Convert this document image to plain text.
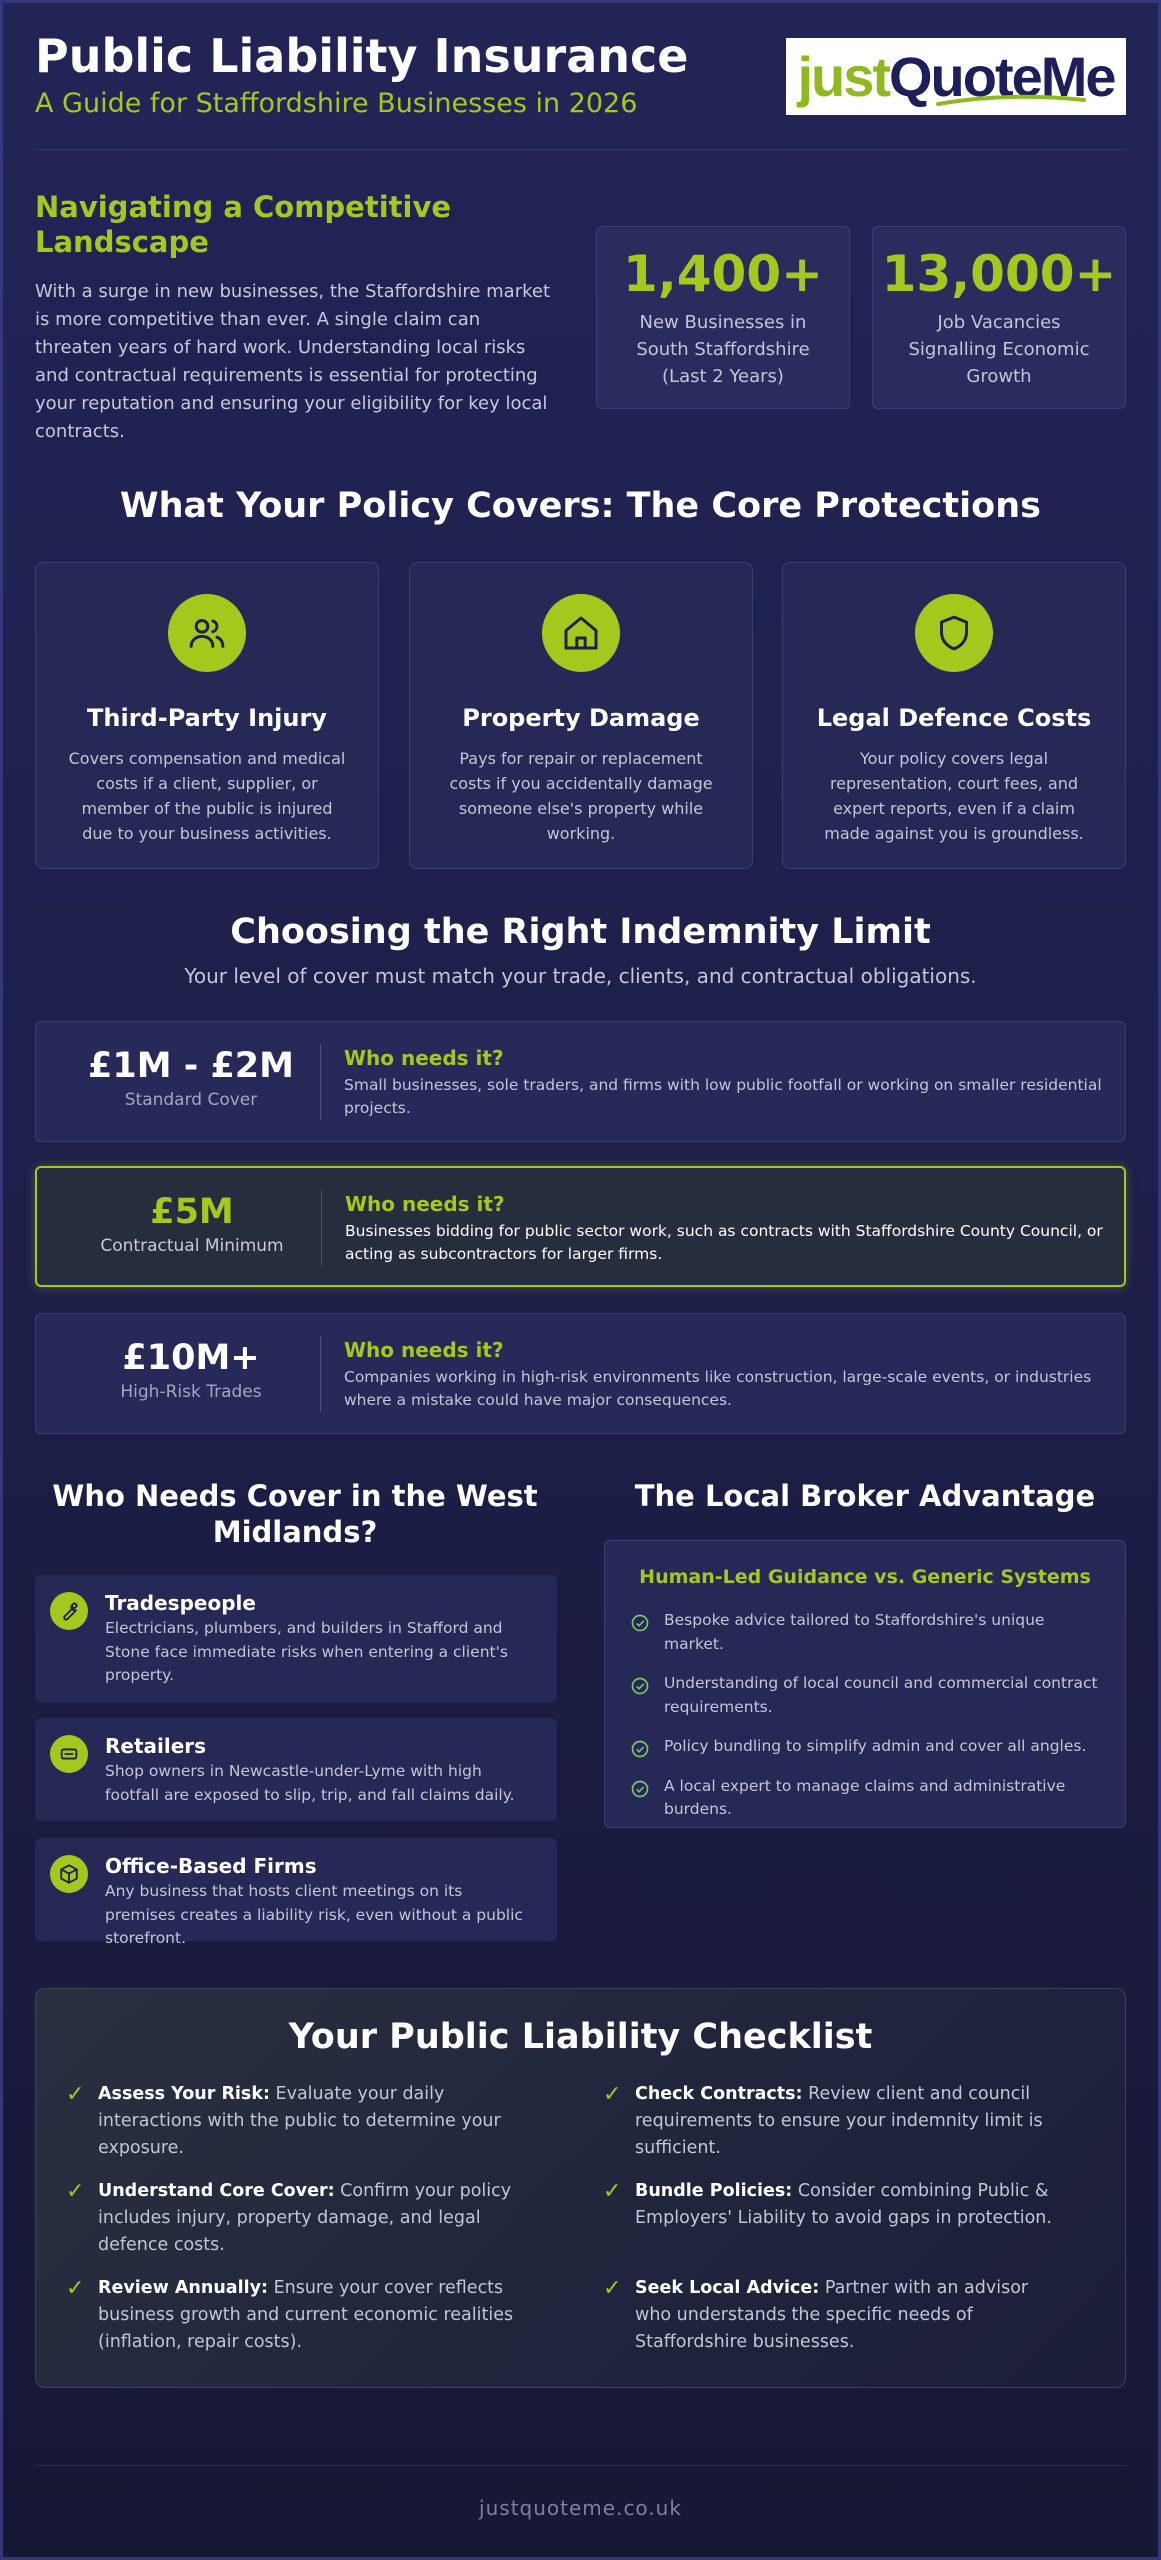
Public Liability Insurance
A Guide for Staffordshire Businesses in 2026	just QuoteMe
Navigating a Competitive Landscape

With a surge in new businesses, the Staffordshire market is more competitive than ever. A single claim can threaten years of hard work. Understanding local risks and contractual requirements is essential for protecting your reputation and ensuring your eligibility for key local contracts.

1,400+
New Businesses in South Staffordshire (Last 2 Years)
13,000+
Job Vacancies Signalling Economic Growth
What Your Policy Covers: The Core Protections
Third-Party Injury

Covers compensation and medical costs if a client, supplier, or member of the public is injured due to your business activities.

Property Damage

Pays for repair or replacement costs if you accidentally damage someone else's property while working.

Legal Defence Costs

Your policy covers legal representation, court fees, and expert reports, even if a claim made against you is groundless.

Choosing the Right Indemnity Limit
Your level of cover must match your trade, clients, and contractual obligations.
£1M - £2M
Standard Cover
Who needs it?
Small businesses, sole traders, and firms with low public footfall or working on smaller residential projects.
£5M
Contractual Minimum
Who needs it?
Businesses bidding for public sector work, such as contracts with Staffordshire County Council, or acting as subcontractors for larger firms.
£10M+
High-Risk Trades
Who needs it?
Companies working in high-risk environments like construction, large-scale events, or industries where a mistake could have major consequences.
Who Needs Cover in the West Midlands?
Tradespeople

Electricians, plumbers, and builders in Stafford and Stone face immediate risks when entering a client's property.

Retailers

Shop owners in Newcastle-under-Lyme with high footfall are exposed to slip, trip, and fall claims daily.

Office-Based Firms

Any business that hosts client meetings on its premises creates a liability risk, even without a public storefront.

The Local Broker Advantage
Human-Led Guidance vs. Generic Systems
Bespoke advice tailored to Staffordshire's unique market.
Understanding of local council and commercial contract requirements.
Policy bundling to simplify admin and cover all angles.
A local expert to manage claims and administrative burdens.
Your Public Liability Checklist
✓ Assess Your Risk: Evaluate your daily interactions with the public to determine your exposure.
✓ Check Contracts: Review client and council requirements to ensure your indemnity limit is sufficient.
✓ Understand Core Cover: Confirm your policy includes injury, property damage, and legal defence costs.
✓ Bundle Policies: Consider combining Public & Employers' Liability to avoid gaps in protection.
✓ Review Annually: Ensure your cover reflects business growth and current economic realities (inflation, repair costs).
✓ Seek Local Advice: Partner with an advisor who understands the specific needs of Staffordshire businesses.
justquoteme.co.uk
